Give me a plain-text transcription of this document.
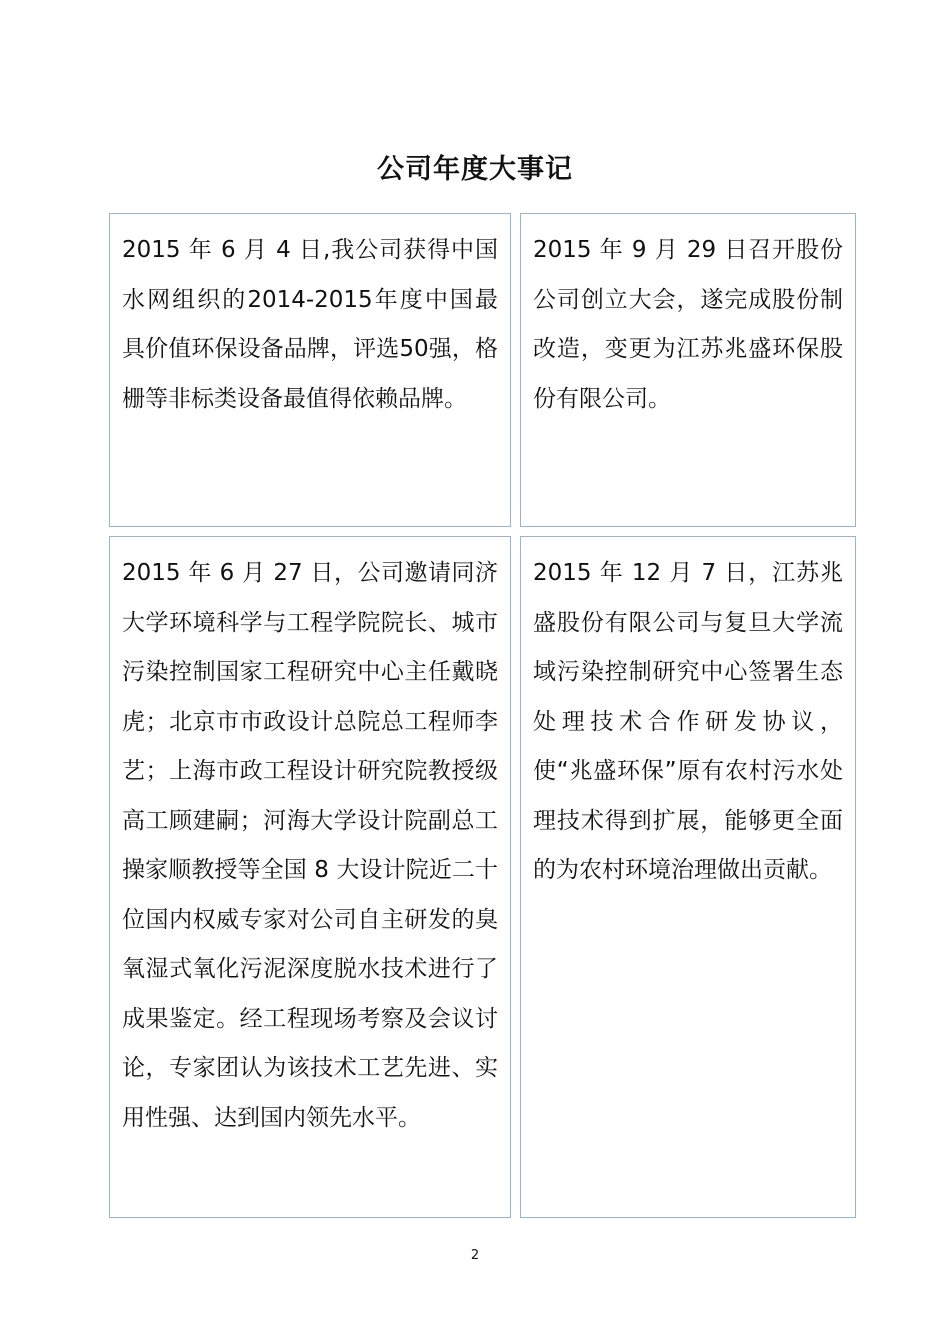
公司年度大事记

2015 年 6 月 4 日,我公司获得中国水网组织的2014-2015年度中国最具价值环保设备品牌，评选50强，格栅等非标类设备最值得依赖品牌。

2015 年 9 月 29 日召开股份公司创立大会，遂完成股份制改造，变更为江苏兆盛环保股份有限公司。

2015 年 6 月 27 日，公司邀请同济大学环境科学与工程学院院长、城市污染控制国家工程研究中心主任戴晓虎；北京市市政设计总院总工程师李艺；上海市政工程设计研究院教授级高工顾建嗣；河海大学设计院副总工操家顺教授等全国 8 大设计院近二十位国内权威专家对公司自主研发的臭氧湿式氧化污泥深度脱水技术进行了成果鉴定。经工程现场考察及会议讨论，专家团认为该技术工艺先进、实用性强、达到国内领先水平。

2015 年 12 月 7 日，江苏兆盛股份有限公司与复旦大学流域污染控制研究中心签署生态处理技术合作研发协议，使“兆盛环保”原有农村污水处理技术得到扩展，能够更全面的为农村环境治理做出贡献。

2
